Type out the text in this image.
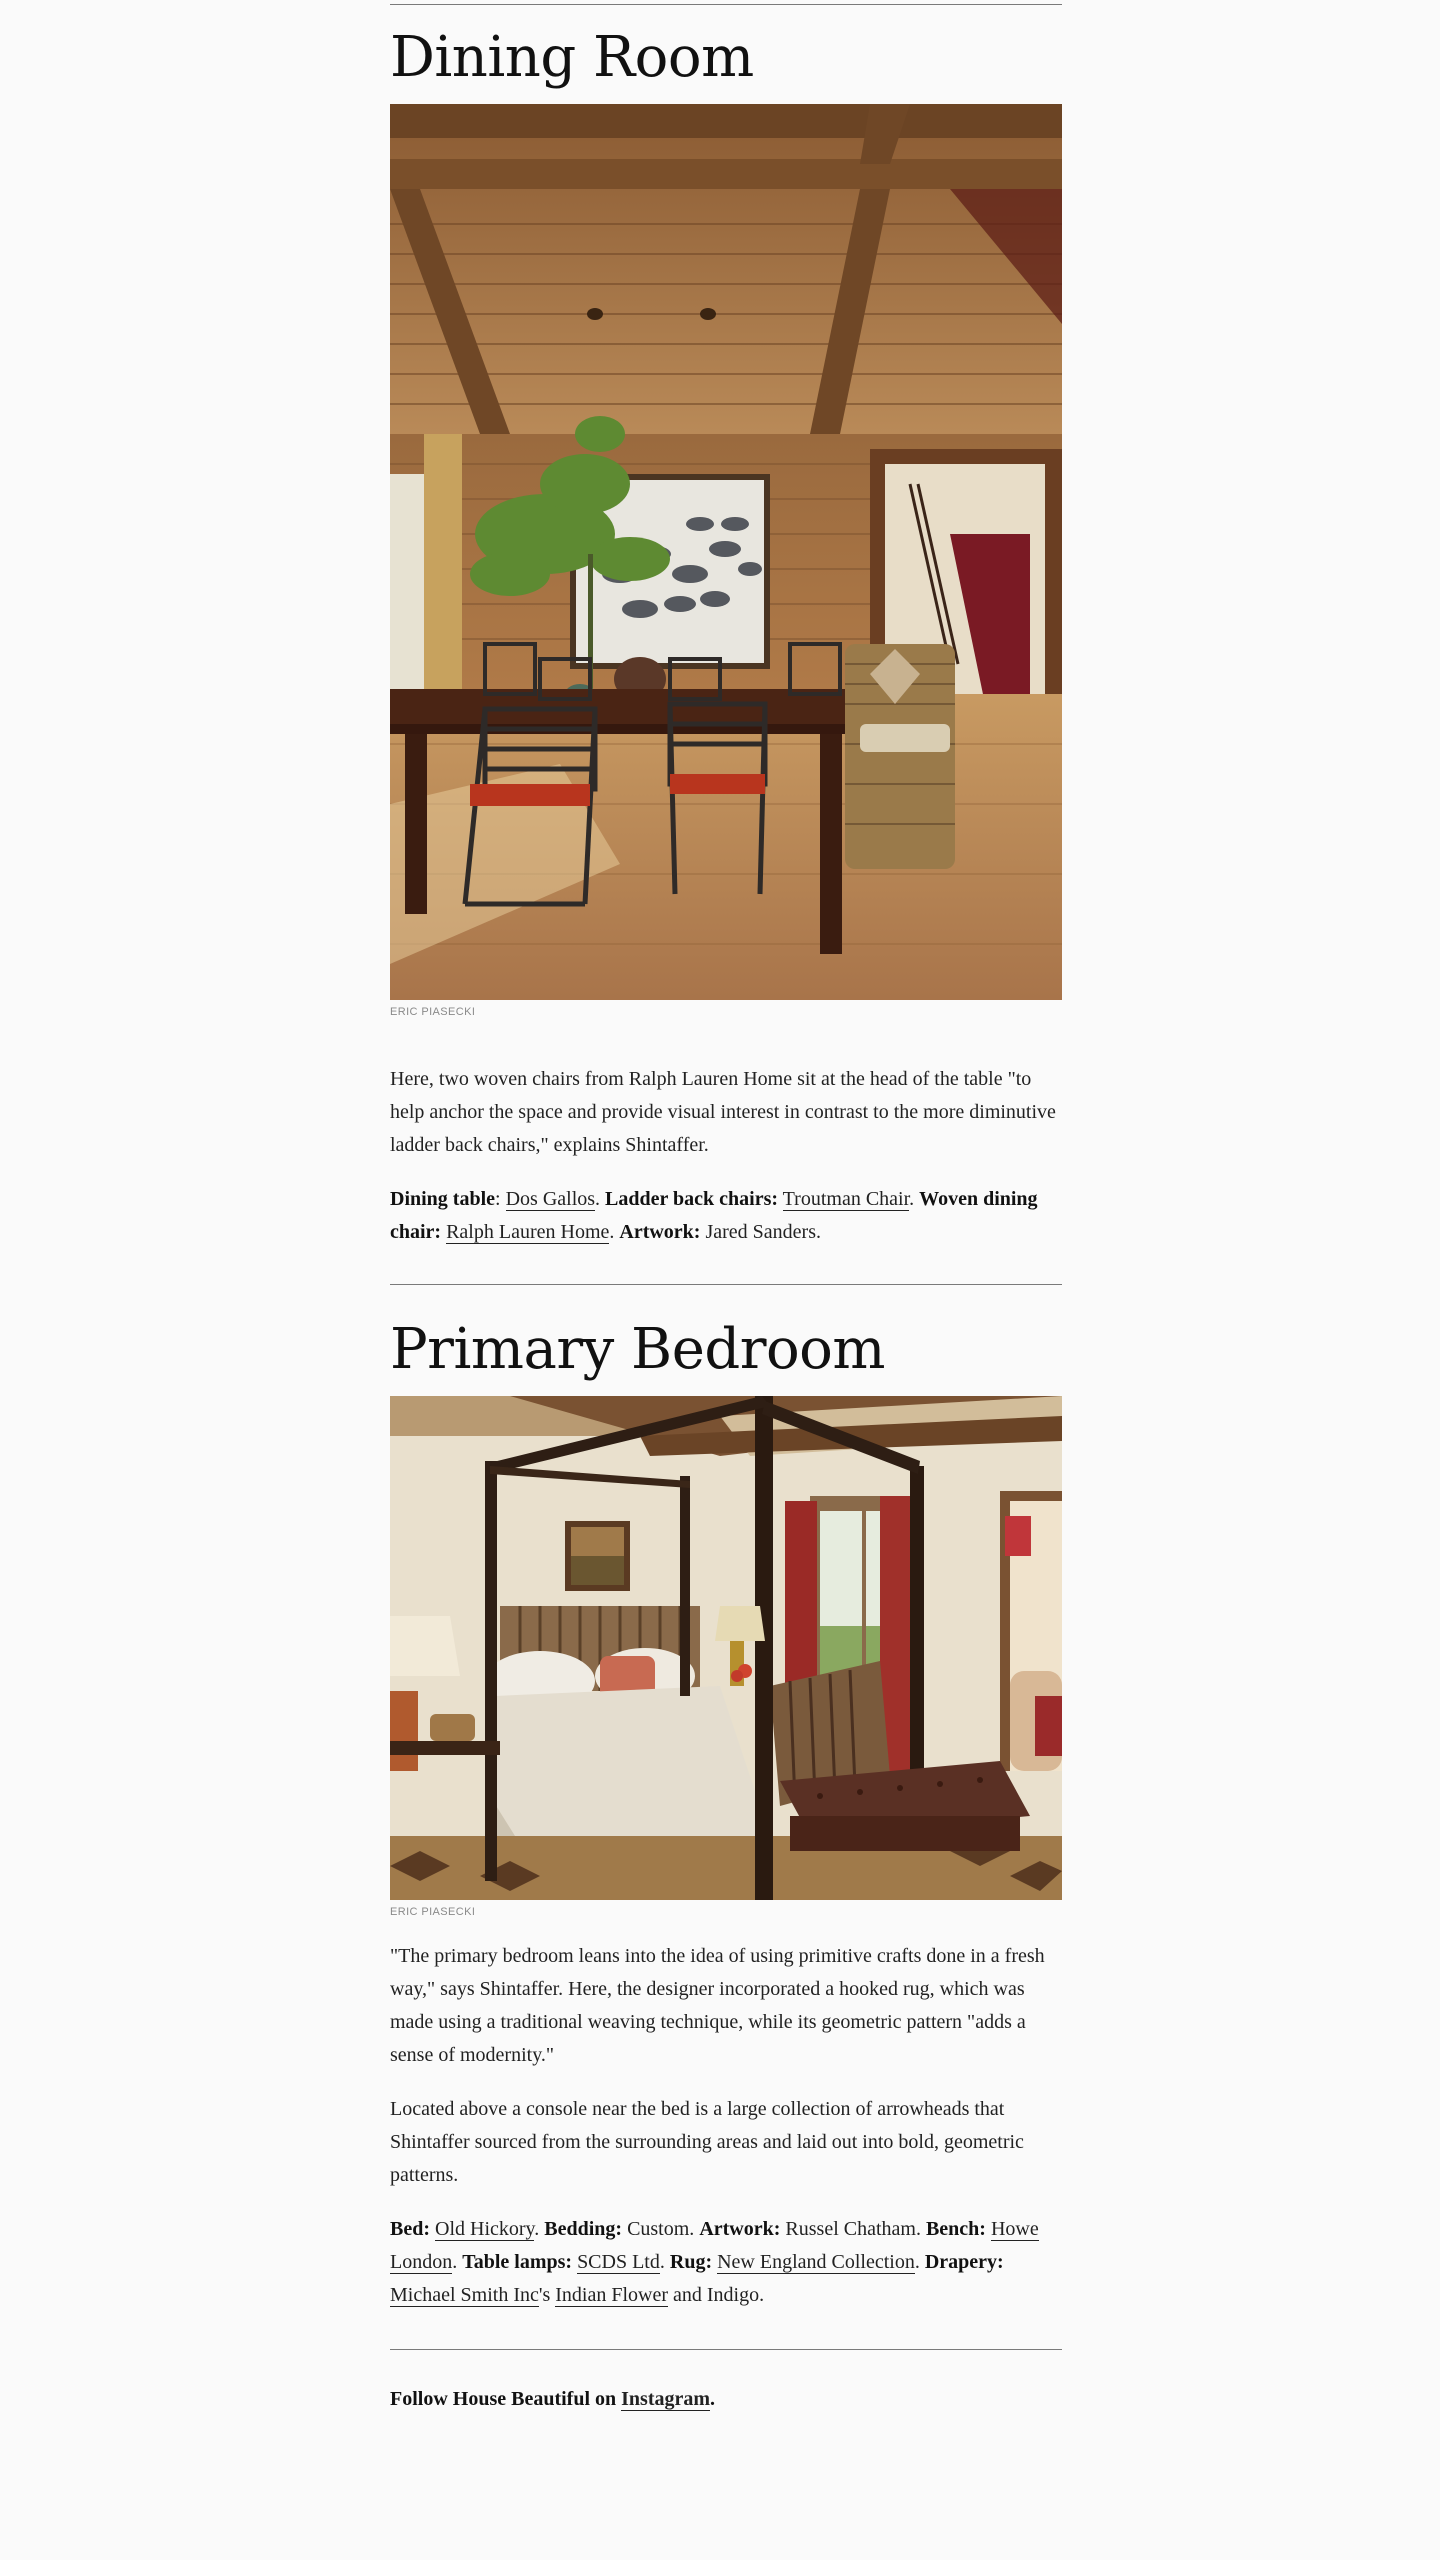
Dining Room
ERIC PIASECKI

Here, two woven chairs from Ralph Lauren Home sit at the head of the table "to help anchor the space and provide visual interest in contrast to the more diminutive ladder back chairs," explains Shintaffer.

Dining table: Dos Gallos. Ladder back chairs: Troutman Chair. Woven dining chair: Ralph Lauren Home. Artwork: Jared Sanders.

Primary Bedroom
ERIC PIASECKI

"The primary bedroom leans into the idea of using primitive crafts done in a fresh way," says Shintaffer. Here, the designer incorporated a hooked rug, which was made using a traditional weaving technique, while its geometric pattern "adds a sense of modernity."

Located above a console near the bed is a large collection of arrowheads that Shintaffer sourced from the surrounding areas and laid out into bold, geometric patterns.

Bed: Old Hickory. Bedding: Custom. Artwork: Russel Chatham. Bench: Howe London. Table lamps: SCDS Ltd. Rug: New England Collection. Drapery: Michael Smith Inc's Indian Flower and Indigo.

Follow House Beautiful on Instagram.
